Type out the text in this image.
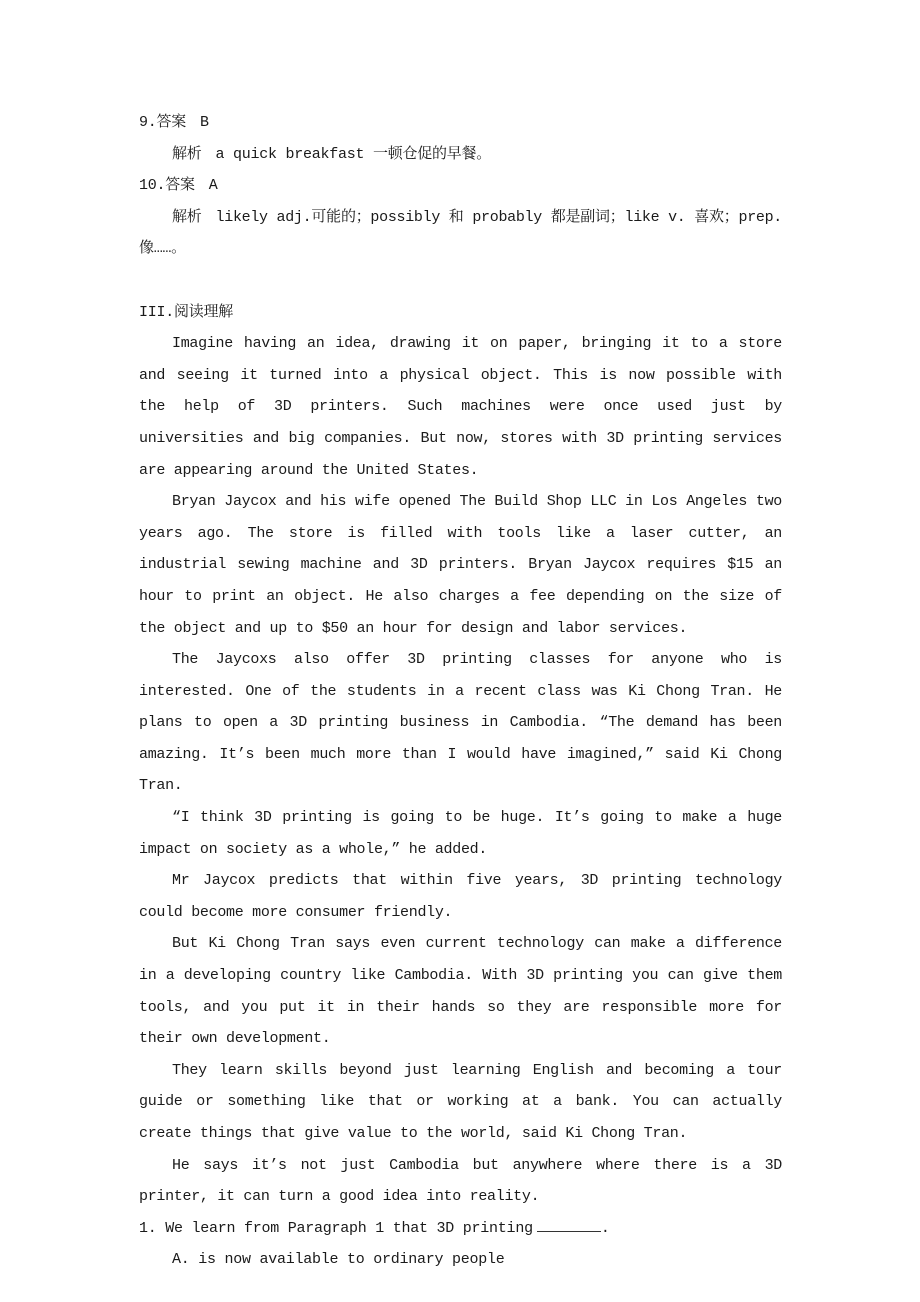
9.答案 B
解析 a quick breakfast 一顿仓促的早餐。
10.答案 A
解析 likely adj.可能的；possibly 和 probably 都是副词；like v. 喜欢；prep. 像……。
III.阅读理解

Imagine having an idea, drawing it on paper, bringing it to a store and seeing it turned into a physical object. This is now possible with the help of 3D printers. Such machines were once used just by universities and big companies. But now, stores with 3D printing services are appearing around the United States.

Bryan Jaycox and his wife opened The Build Shop LLC in Los Angeles two years ago. The store is filled with tools like a laser cutter, an industrial sewing machine and 3D printers. Bryan Jaycox requires $15 an hour to print an object. He also charges a fee depending on the size of the object and up to $50 an hour for design and labor services.

The Jaycoxs also offer 3D printing classes for anyone who is interested. One of the students in a recent class was Ki Chong Tran. He plans to open a 3D printing business in Cambodia. “The demand has been amazing. It’s been much more than I would have imagined,” said Ki Chong Tran.

“I think 3D printing is going to be huge. It’s going to make a huge impact on society as a whole,” he added.

Mr Jaycox predicts that within five years, 3D printing technology could become more consumer friendly.

But Ki Chong Tran says even current technology can make a difference in a developing country like Cambodia. With 3D printing you can give them tools, and you put it in their hands so they are responsible more for their own development.

They learn skills beyond just learning English and becoming a tour guide or something like that or working at a bank. You can actually create things that give value to the world, said Ki Chong Tran.

He says it’s not just Cambodia but anywhere where there is a 3D printer, it can turn a good idea into reality.

1. We learn from Paragraph 1 that 3D printing	.
A. is now available to ordinary people
